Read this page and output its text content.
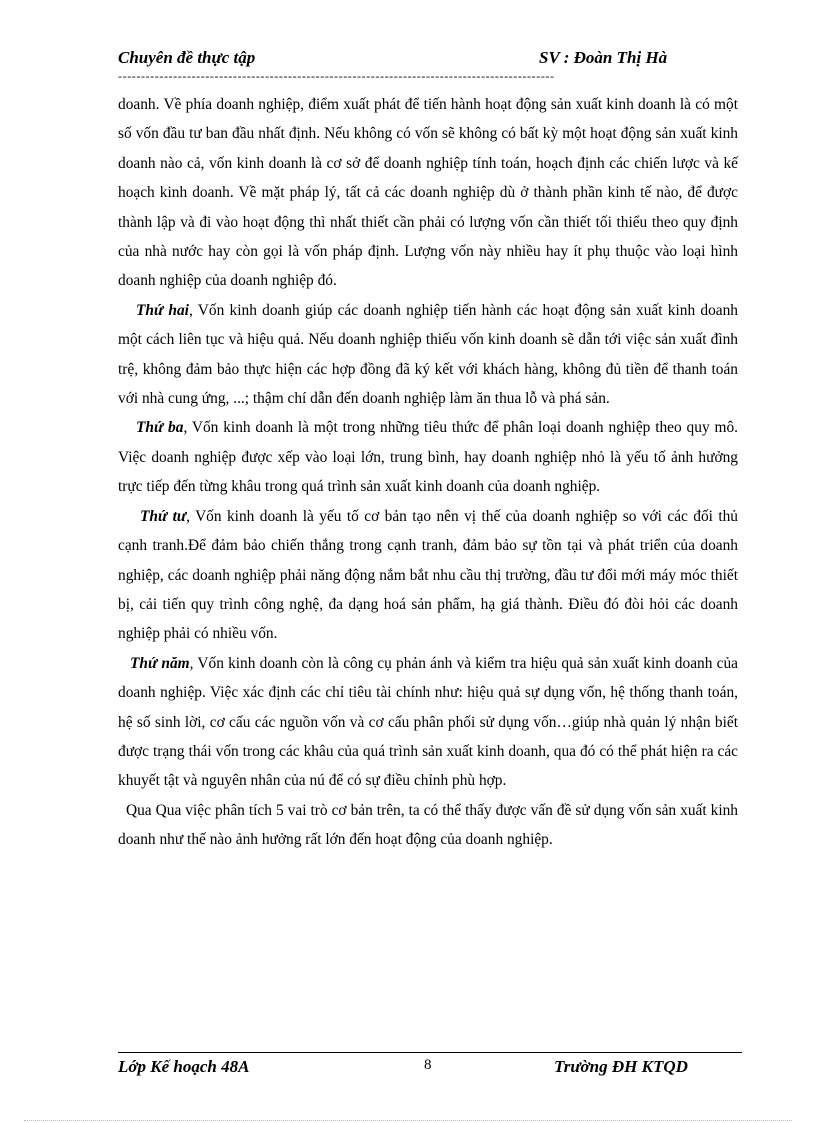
Chuyên đề thực tập	SV : Đoàn Thị Hà
-----------------------------------------------------------------------------------------------

doanh. Về phía doanh nghiệp, điểm xuất phát để tiến hành hoạt động sản xuất kinh doanh là có một số vốn đầu tư ban đầu nhất định. Nếu không có vốn sẽ không có bất kỳ một hoạt động sản xuất kinh doanh nào cả, vốn kinh doanh là cơ sở để doanh nghiệp tính toán, hoạch định các chiến lược và kế hoạch kinh doanh. Về mặt pháp lý, tất cả các doanh nghiệp dù ở thành phần kinh tế nào, để được thành lập và đi vào hoạt động thì nhất thiết cần phải có lượng vốn cần thiết tối thiểu theo quy định của nhà nước hay còn gọi là vốn pháp định. Lượng vốn này nhiều hay ít phụ thuộc vào loại hình doanh nghiệp của doanh nghiệp đó.

Thứ hai, Vốn kinh doanh giúp các doanh nghiệp tiến hành các hoạt động sản xuất kinh doanh một cách liên tục và hiệu quả. Nếu doanh nghiệp thiếu vốn kinh doanh sẽ dẫn tới việc sản xuất đình trệ, không đảm bảo thực hiện các hợp đồng đã ký kết với khách hàng, không đủ tiền để thanh toán với nhà cung ứng, ...; thậm chí dẫn đến doanh nghiệp làm ăn thua lỗ và phá sản.

Thứ ba, Vốn kinh doanh là một trong những tiêu thức để phân loại doanh nghiệp theo quy mô. Việc doanh nghiệp được xếp vào loại lớn, trung bình, hay doanh nghiệp nhỏ là yếu tố ảnh hưởng trực tiếp đến từng khâu trong quá trình sản xuất kinh doanh của doanh nghiệp.

Thứ tư, Vốn kinh doanh là yếu tố cơ bản tạo nên vị thế của doanh nghiệp so với các đối thủ cạnh tranh.Để đảm bảo chiến thắng trong cạnh tranh, đảm bảo sự tồn tại và phát triển của doanh nghiệp, các doanh nghiệp phải năng động nắm bắt nhu cầu thị trường, đầu tư đổi mới máy móc thiết bị, cải tiến quy trình công nghệ, đa dạng hoá sản phẩm, hạ giá thành. Điều đó đòi hỏi các doanh nghiệp phải có nhiều vốn.

Thứ năm, Vốn kinh doanh còn là công cụ phản ánh và kiểm tra hiệu quả sản xuất kinh doanh của doanh nghiệp. Việc xác định các chỉ tiêu tài chính như: hiệu quả sự dụng vốn, hệ thống thanh toán, hệ số sinh lời, cơ cấu các nguồn vốn và cơ cấu phân phối sử dụng vốn…giúp nhà quản lý nhận biết được trạng thái vốn trong các khâu của quá trình sản xuất kinh doanh, qua đó có thể phát hiện ra các khuyết tật và nguyên nhân của nú để có sự điều chỉnh phù hợp.

Qua Qua việc phân tích 5 vai trò cơ bản trên, ta có thể thấy được vấn đề sử dụng vốn sản xuất kinh doanh như thế nào ảnh hưởng rất lớn đến hoạt động của doanh nghiệp.

Lớp Kế hoạch 48A	8	Trường ĐH KTQD
